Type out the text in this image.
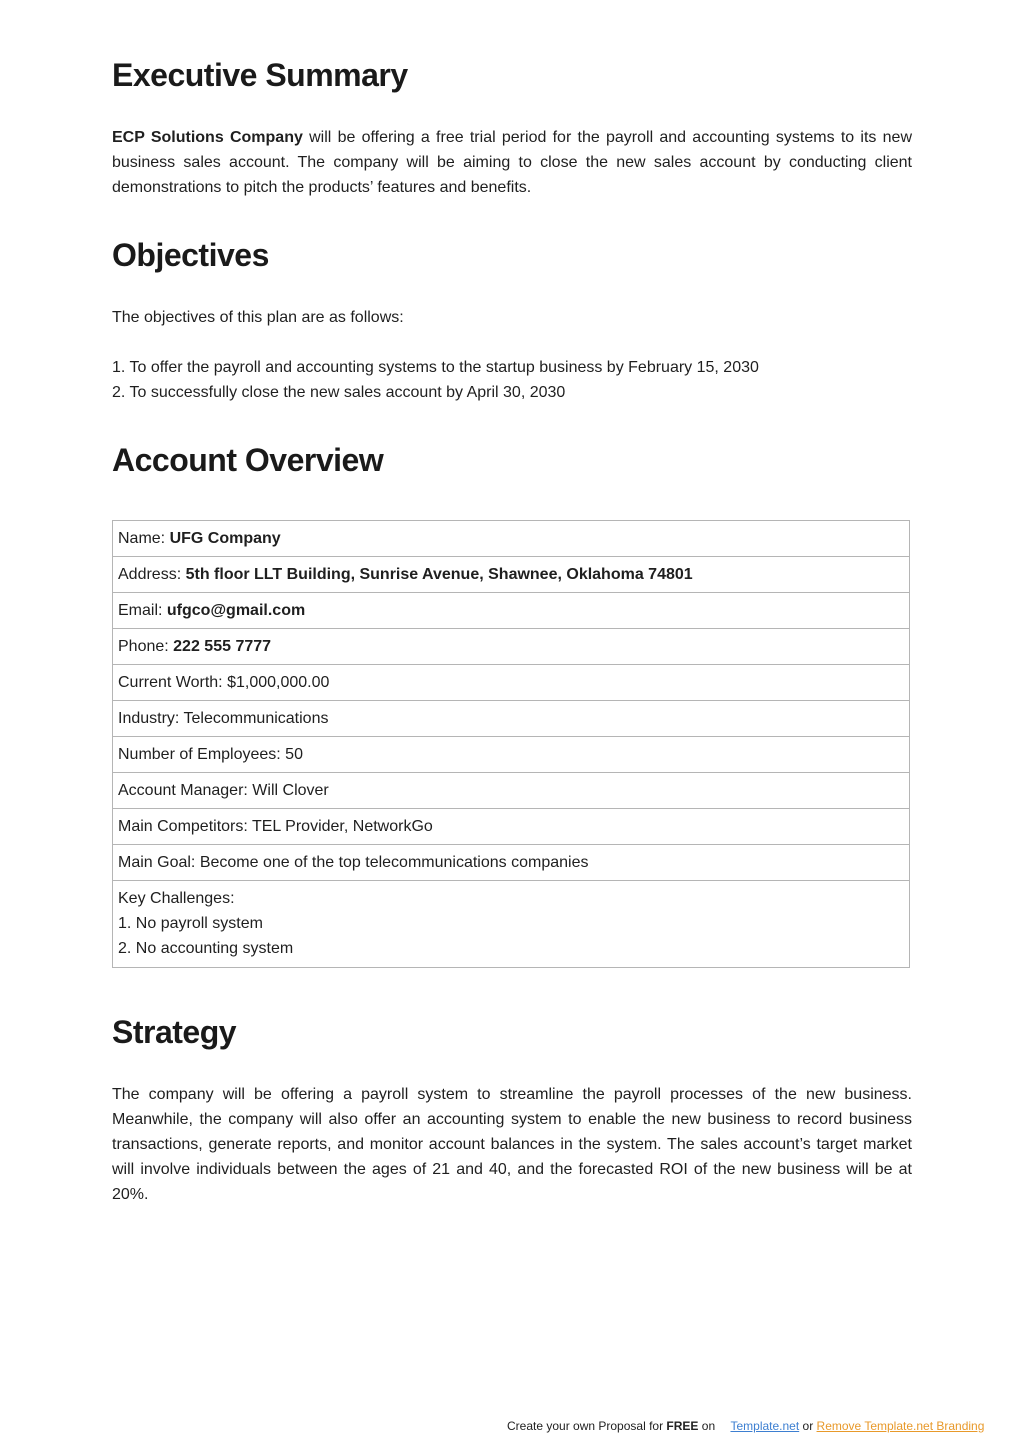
Executive Summary

ECP Solutions Company will be offering a free trial period for the payroll and accounting systems to its new business sales account. The company will be aiming to close the new sales account by conducting client demonstrations to pitch the products’ features and benefits.

Objectives

The objectives of this plan are as follows:

1. To offer the payroll and accounting systems to the startup business by February 15, 2030

2. To successfully close the new sales account by April 30, 2030

Account Overview
Name: UFG Company
Address: 5th floor LLT Building, Sunrise Avenue, Shawnee, Oklahoma 74801
Email: ufgco@gmail.com
Phone: 222 555 7777
Current Worth: $1,000,000.00
Industry: Telecommunications
Number of Employees: 50
Account Manager: Will Clover
Main Competitors: TEL Provider, NetworkGo
Main Goal: Become one of the top telecommunications companies

Key Challenges:
1. No payroll system
2. No accounting system
Strategy

The company will be offering a payroll system to streamline the payroll processes of the new business. Meanwhile, the company will also offer an accounting system to enable the new business to record business transactions, generate reports, and monitor account balances in the system. The sales account’s target market will involve individuals between the ages of 21 and 40, and the forecasted ROI of the new business will be at 20%.

Create your own Proposal for FREE on Template.net or Remove Template.net Branding
